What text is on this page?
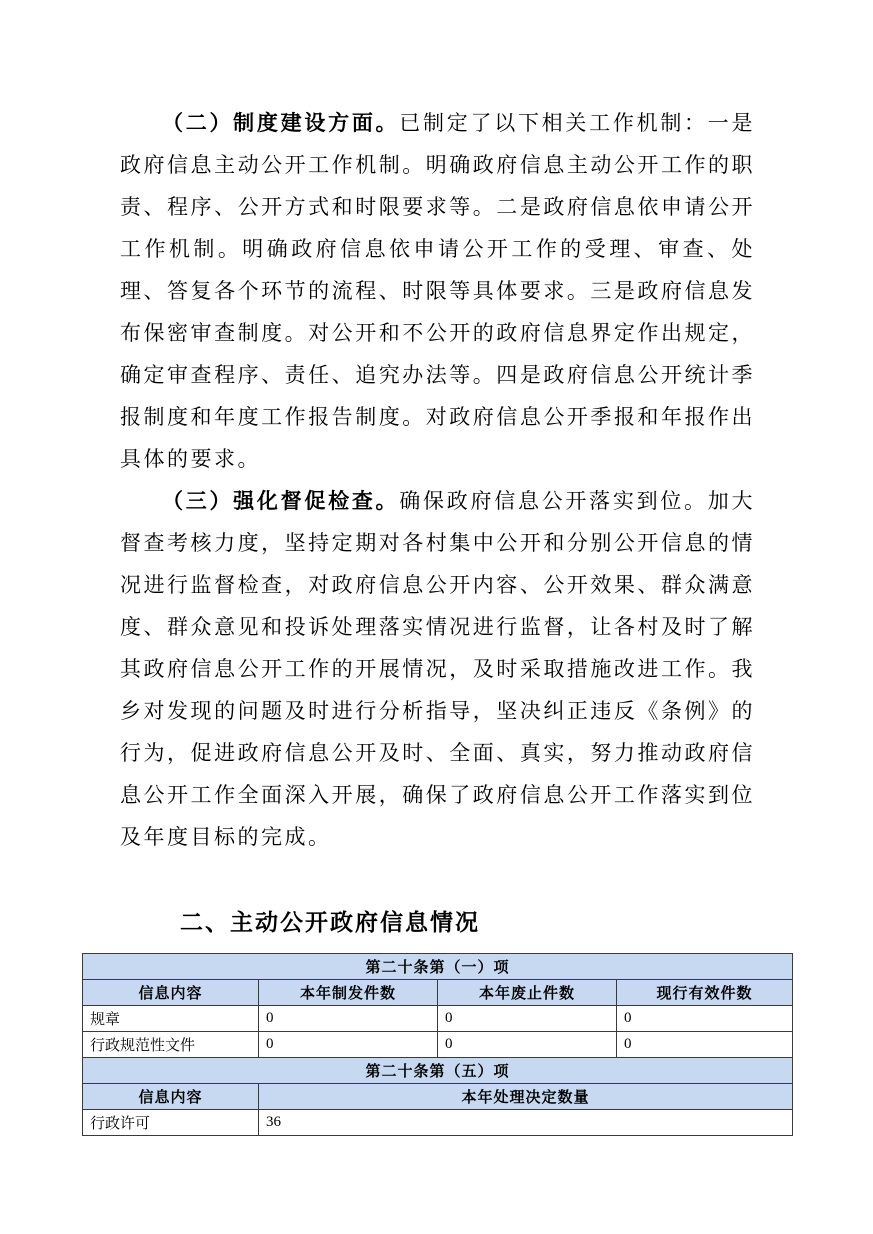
（二）制度建设方面。已制定了以下相关工作机制：一是政府信息主动公开工作机制。明确政府信息主动公开工作的职责、程序、公开方式和时限要求等。二是政府信息依申请公开工作机制。明确政府信息依申请公开工作的受理、审查、处理、答复各个环节的流程、时限等具体要求。三是政府信息发布保密审查制度。对公开和不公开的政府信息界定作出规定，确定审查程序、责任、追究办法等。四是政府信息公开统计季报制度和年度工作报告制度。对政府信息公开季报和年报作出具体的要求。

（三）强化督促检查。确保政府信息公开落实到位。加大督查考核力度，坚持定期对各村集中公开和分别公开信息的情况进行监督检查，对政府信息公开内容、公开效果、群众满意度、群众意见和投诉处理落实情况进行监督，让各村及时了解其政府信息公开工作的开展情况，及时采取措施改进工作。我乡对发现的问题及时进行分析指导，坚决纠正违反《条例》的行为，促进政府信息公开及时、全面、真实，努力推动政府信息公开工作全面深入开展，确保了政府信息公开工作落实到位及年度目标的完成。

二、主动公开政府信息情况
第二十条第（一）项			
信息内容	本年制发件数	本年废止件数	现行有效件数
规章	0	0	0
行政规范性文件	0	0	0
第二十条第（五）项			
信息内容	本年处理决定数量		
行政许可	36		
